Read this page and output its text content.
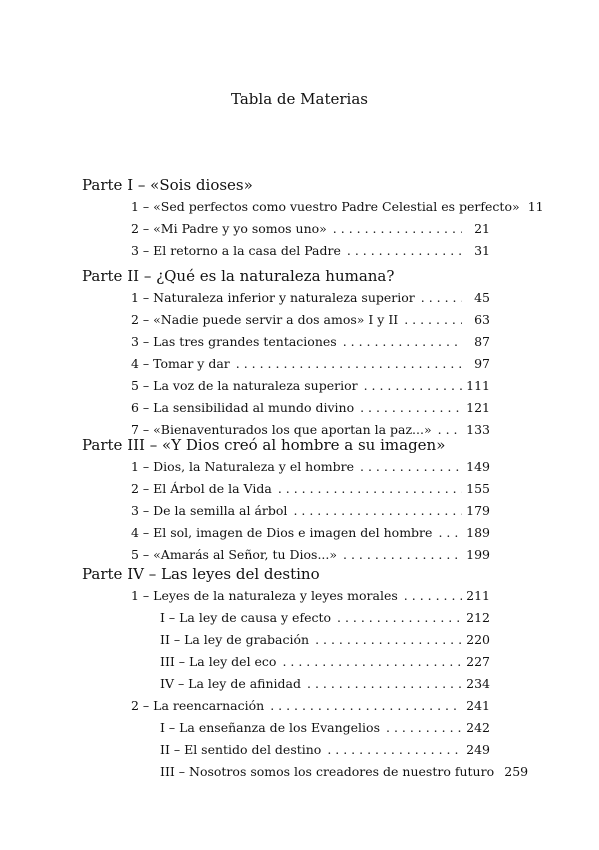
Tabla de Materias
Parte I – «Sois dioses»
1 – «Sed perfectos como vuestro Padre Celestial es perfecto» 11
2 – «Mi Padre y yo somos uno» . . .	21
3 – El retorno a la casa del Padre . . .	31
Parte II – ¿Qué es la naturaleza humana?
1 – Naturaleza inferior y naturaleza superior . . .	45
2 – «Nadie puede servir a dos amos» I y II . . .	63
3 – Las tres grandes tentaciones . . .	87
4 – Tomar y dar . . .	97
5 – La voz de la naturaleza superior . . .	111
6 – La sensibilidad al mundo divino . . .	121
7 – «Bienaventurados los que aportan la paz...» . . .	133
Parte III – «Y Dios creó al hombre a su imagen»
1 – Dios, la Naturaleza y el hombre . . .	149
2 – El Árbol de la Vida . . .	155
3 – De la semilla al árbol . . .	179
4 – El sol, imagen de Dios e imagen del hombre . . .	189
5 – «Amarás al Señor, tu Dios...» . . .	199
Parte IV – Las leyes del destino
1 – Leyes de la naturaleza y leyes morales . . .	211
I – La ley de causa y efecto . . .	212
II – La ley de grabación . . .	220
III – La ley del eco . . .	227
IV – La ley de afinidad . . .	234
2 – La reencarnación . . .	241
I – La enseñanza de los Evangelios . . .	242
II – El sentido del destino . . .	249
III – Nosotros somos los creadores de nuestro futuro 259
